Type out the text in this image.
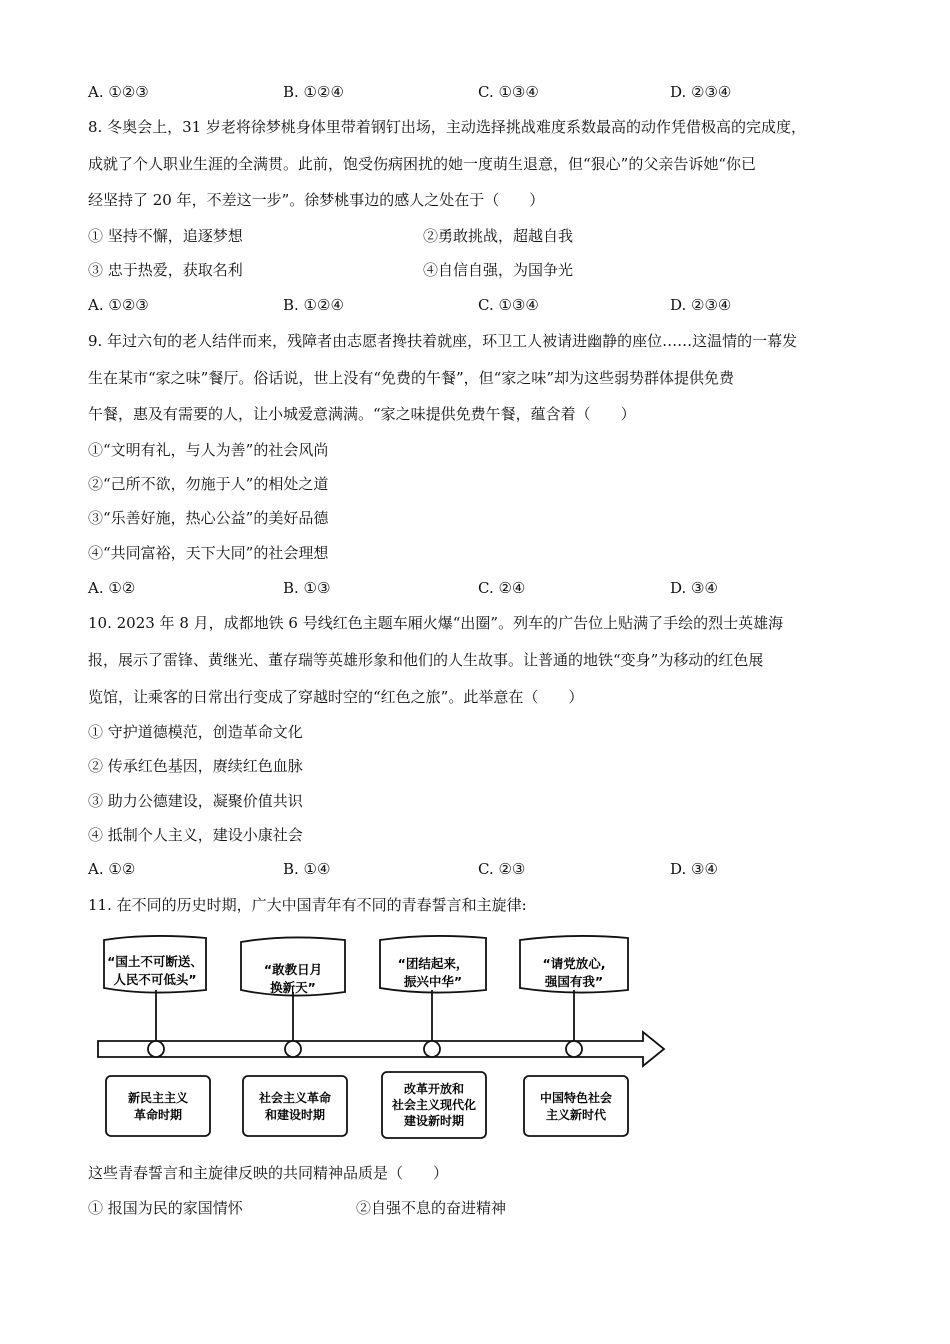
A. ①②③	B. ①②④	C. ①③④	D. ②③④
8. 冬奥会上，31 岁老将徐梦桃身体里带着钢钉出场，主动选择挑战难度系数最高的动作凭借极高的完成度，
成就了个人职业生涯的全满贯。此前，饱受伤病困扰的她一度萌生退意，但“狠心”的父亲告诉她“你已
经坚持了 20 年，不差这一步”。徐梦桃事边的感人之处在于（　　）
① 坚持不懈，追逐梦想	②勇敢挑战，超越自我
③ 忠于热爱，获取名利	④自信自强，为国争光
A. ①②③	B. ①②④	C. ①③④	D. ②③④
9. 年过六旬的老人结伴而来，残障者由志愿者搀扶着就座，环卫工人被请进幽静的座位……这温情的一幕发
生在某市“家之味”餐厅。俗话说，世上没有“免费的午餐”，但“家之味”却为这些弱势群体提供免费
午餐，惠及有需要的人，让小城爱意满满。“家之味提供免费午餐，蕴含着（　　）
①“文明有礼，与人为善”的社会风尚
②“己所不欲，勿施于人”的相处之道
③“乐善好施，热心公益”的美好品德
④“共同富裕，天下大同”的社会理想
A. ①②	B. ①③	C. ②④	D. ③④
10. 2023 年 8 月，成都地铁 6 号线红色主题车厢火爆“出圈”。列车的广告位上贴满了手绘的烈士英雄海
报，展示了雷锋、黄继光、董存瑞等英雄形象和他们的人生故事。让普通的地铁“变身”为移动的红色展
览馆，让乘客的日常出行变成了穿越时空的“红色之旅”。此举意在（　　）
① 守护道德模范，创造革命文化
② 传承红色基因，赓续红色血脉
③ 助力公德建设，凝聚价值共识
④ 抵制个人主义，建设小康社会
A. ①②	B. ①④	C. ②③	D. ③④
11. 在不同的历史时期，广大中国青年有不同的青春誓言和主旋律:
“国土不可断送、
人民不可低头”
“敢教日月
换新天”
“团结起来，
振兴中华”
“请党放心,
强国有我”
新民主主义
革命时期
社会主义革命
和建设时期
改革开放和
社会主义现代化
建设新时期
中国特色社会
主义新时代
这些青春誓言和主旋律反映的共同精神品质是（　　）
① 报国为民的家国情怀	②自强不息的奋进精神
